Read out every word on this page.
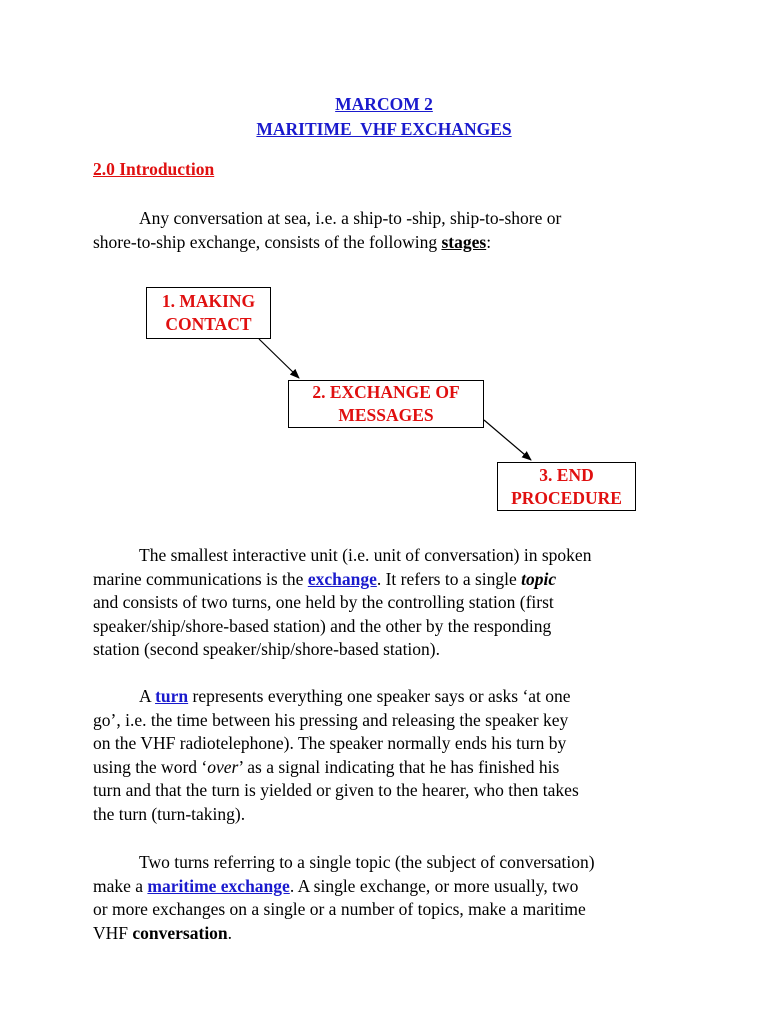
MARCOM 2
MARITIME  VHF EXCHANGES
2.0 Introduction

Any conversation at sea, i.e. a ship-to -ship, ship-to-shore or
shore-to-ship exchange, consists of the following stages:

1. MAKING
CONTACT
2. EXCHANGE OF
MESSAGES
3. END
PROCEDURE

The smallest interactive unit (i.e. unit of conversation) in spoken
marine communications is the exchange. It refers to a single topic
and consists of two turns, one held by the controlling station (first
speaker/ship/shore-based station) and the other by the responding
station (second speaker/ship/shore-based station).

A turn represents everything one speaker says or asks ‘at one
go’, i.e. the time between his pressing and releasing the speaker key
on the VHF radiotelephone). The speaker normally ends his turn by
using the word ‘over’ as a signal indicating that he has finished his
turn and that the turn is yielded or given to the hearer, who then takes
the turn (turn-taking).

Two turns referring to a single topic (the subject of conversation)
make a maritime exchange. A single exchange, or more usually, two
or more exchanges on a single or a number of topics, make a maritime
VHF conversation.
